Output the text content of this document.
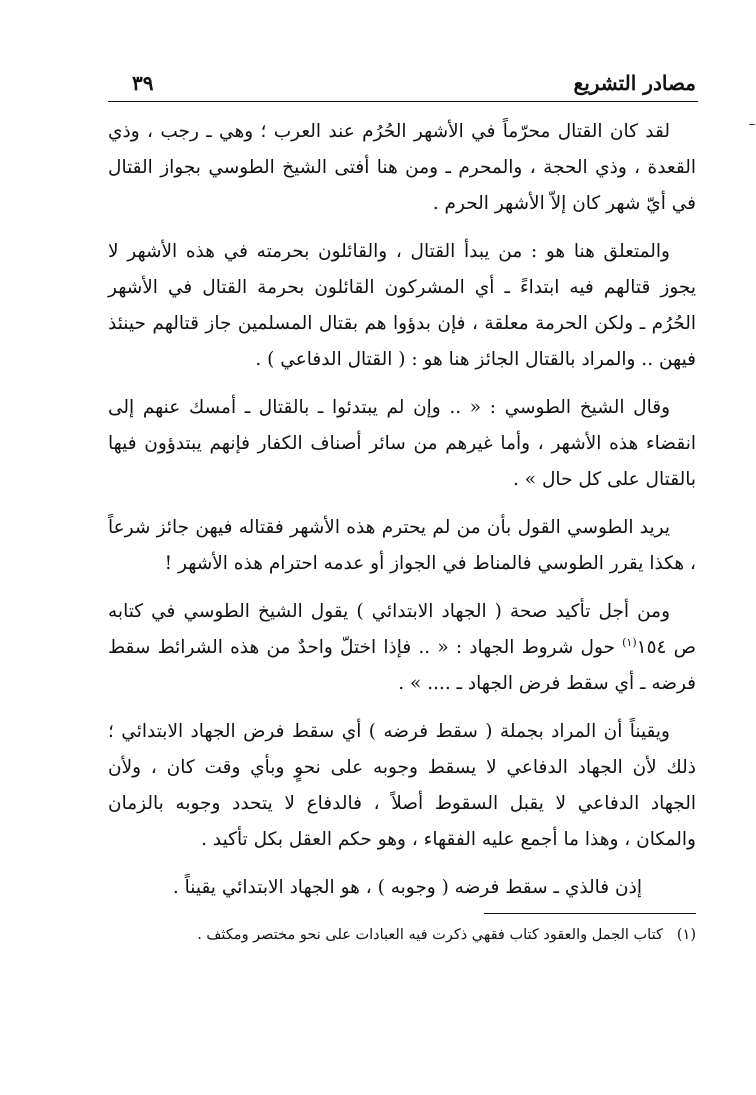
مصادر التشريع
٣٩

لقد كان القتال محرّماً في الأشهر الحُرُم عند العرب ؛ وهي ـ رجب ، وذي القعدة ، وذي الحجة ، والمحرم ـ ومن هنا أفتى الشيخ الطوسي بجواز القتال في أيّ شهر كان إلاّ الأشهر الحرم .

والمتعلق هنا هو : من يبدأ القتال ، والقائلون بحرمته في هذه الأشهر لا يجوز قتالهم فيه ابتداءً ـ أي المشركون القائلون بحرمة القتال في الأشهر الحُرُم ـ ولكن الحرمة معلقة ، فإن بدؤوا هم بقتال المسلمين جاز قتالهم حينئذ فيهن .. والمراد بالقتال الجائز هنا هو : ( القتال الدفاعي ) .

وقال الشيخ الطوسي : « .. وإن لم يبتدئوا ـ بالقتال ـ أمسك عنهم إلى انقضاء هذه الأشهر ، وأما غيرهم من سائر أصناف الكفار فإنهم يبتدؤون فيها بالقتال على كل حال » .

يريد الطوسي القول بأن من لم يحترم هذه الأشهر فقتاله فيهن جائز شرعاً ، هكذا يقرر الطوسي فالمناط في الجواز أو عدمه احترام هذه الأشهر !

ومن أجل تأكيد صحة ( الجهاد الابتدائي ) يقول الشيخ الطوسي في كتابه ص ١٥٤$^{(١)}$ حول شروط الجهاد : « .. فإذا اختلّ واحدٌ من هذه الشرائط سقط فرضه ـ أي سقط فرض الجهاد ـ .... » .

ويقيناً أن المراد بجملة ( سقط فرضه ) أي سقط فرض الجهاد الابتدائي ؛ ذلك لأن الجهاد الدفاعي لا يسقط وجوبه على نحوٍ وبأي وقت كان ، ولأن الجهاد الدفاعي لا يقبل السقوط أصلاً ، فالدفاع لا يتحدد وجوبه بالزمان والمكان ، وهذا ما أجمع عليه الفقهاء ، وهو حكم العقل بكل تأكيد .

إذن فالذي ـ سقط فرضه ( وجوبه ) ، هو الجهاد الابتدائي يقيناً .

(١)كتاب الجمل والعقود كتاب فقهي ذكرت فيه العبادات على نحو مختصر ومكثف .
